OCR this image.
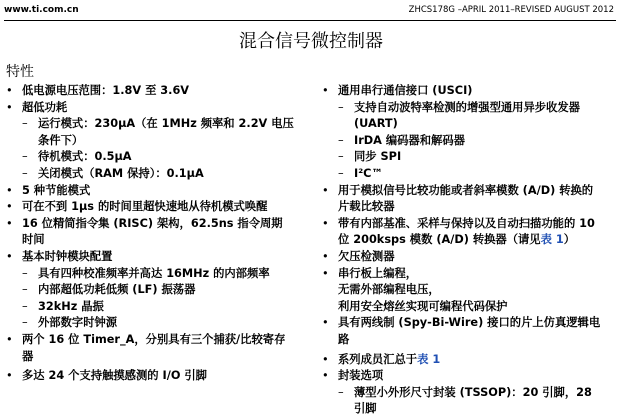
www.ti.com.cn	ZHCS178G –APRIL 2011–REVISED AUGUST 2012
混合信号微控制器
特性
• 低电源电压范围：1.8V 至 3.6V
• 超低功耗
– 运行模式：230µA（在 1MHz 频率和 2.2V 电压
条件下）
– 待机模式：0.5µA
– 关闭模式（RAM 保持）：0.1µA
• 5 种节能模式
• 可在不到 1µs 的时间里超快速地从待机模式唤醒
• 16 位精简指令集 (RISC) 架构，62.5ns 指令周期
时间
• 基本时钟模块配置
– 具有四种校准频率并高达 16MHz 的内部频率
– 内部超低功耗低频 (LF) 振荡器
– 32kHz 晶振
– 外部数字时钟源
• 两个 16 位 Timer_A，分别具有三个捕获/比较寄存
器
• 多达 24 个支持触摸感测的 I/O 引脚
• 通用串行通信接口 (USCI)
– 支持自动波特率检测的增强型通用异步收发器
(UART)
– IrDA 编码器和解码器
– 同步 SPI
– I²C™
• 用于模拟信号比较功能或者斜率模数 (A/D) 转换的
片载比较器
• 带有内部基准、采样与保持以及自动扫描功能的 10
位 200ksps 模数 (A/D) 转换器（请见表 1）
• 欠压检测器
• 串行板上编程，
无需外部编程电压，
利用安全熔丝实现可编程代码保护
• 具有两线制 (Spy-Bi-Wire) 接口的片上仿真逻辑电
路
• 系列成员汇总于表 1
• 封装选项
– 薄型小外形尺寸封装 (TSSOP)：20 引脚，28
引脚
